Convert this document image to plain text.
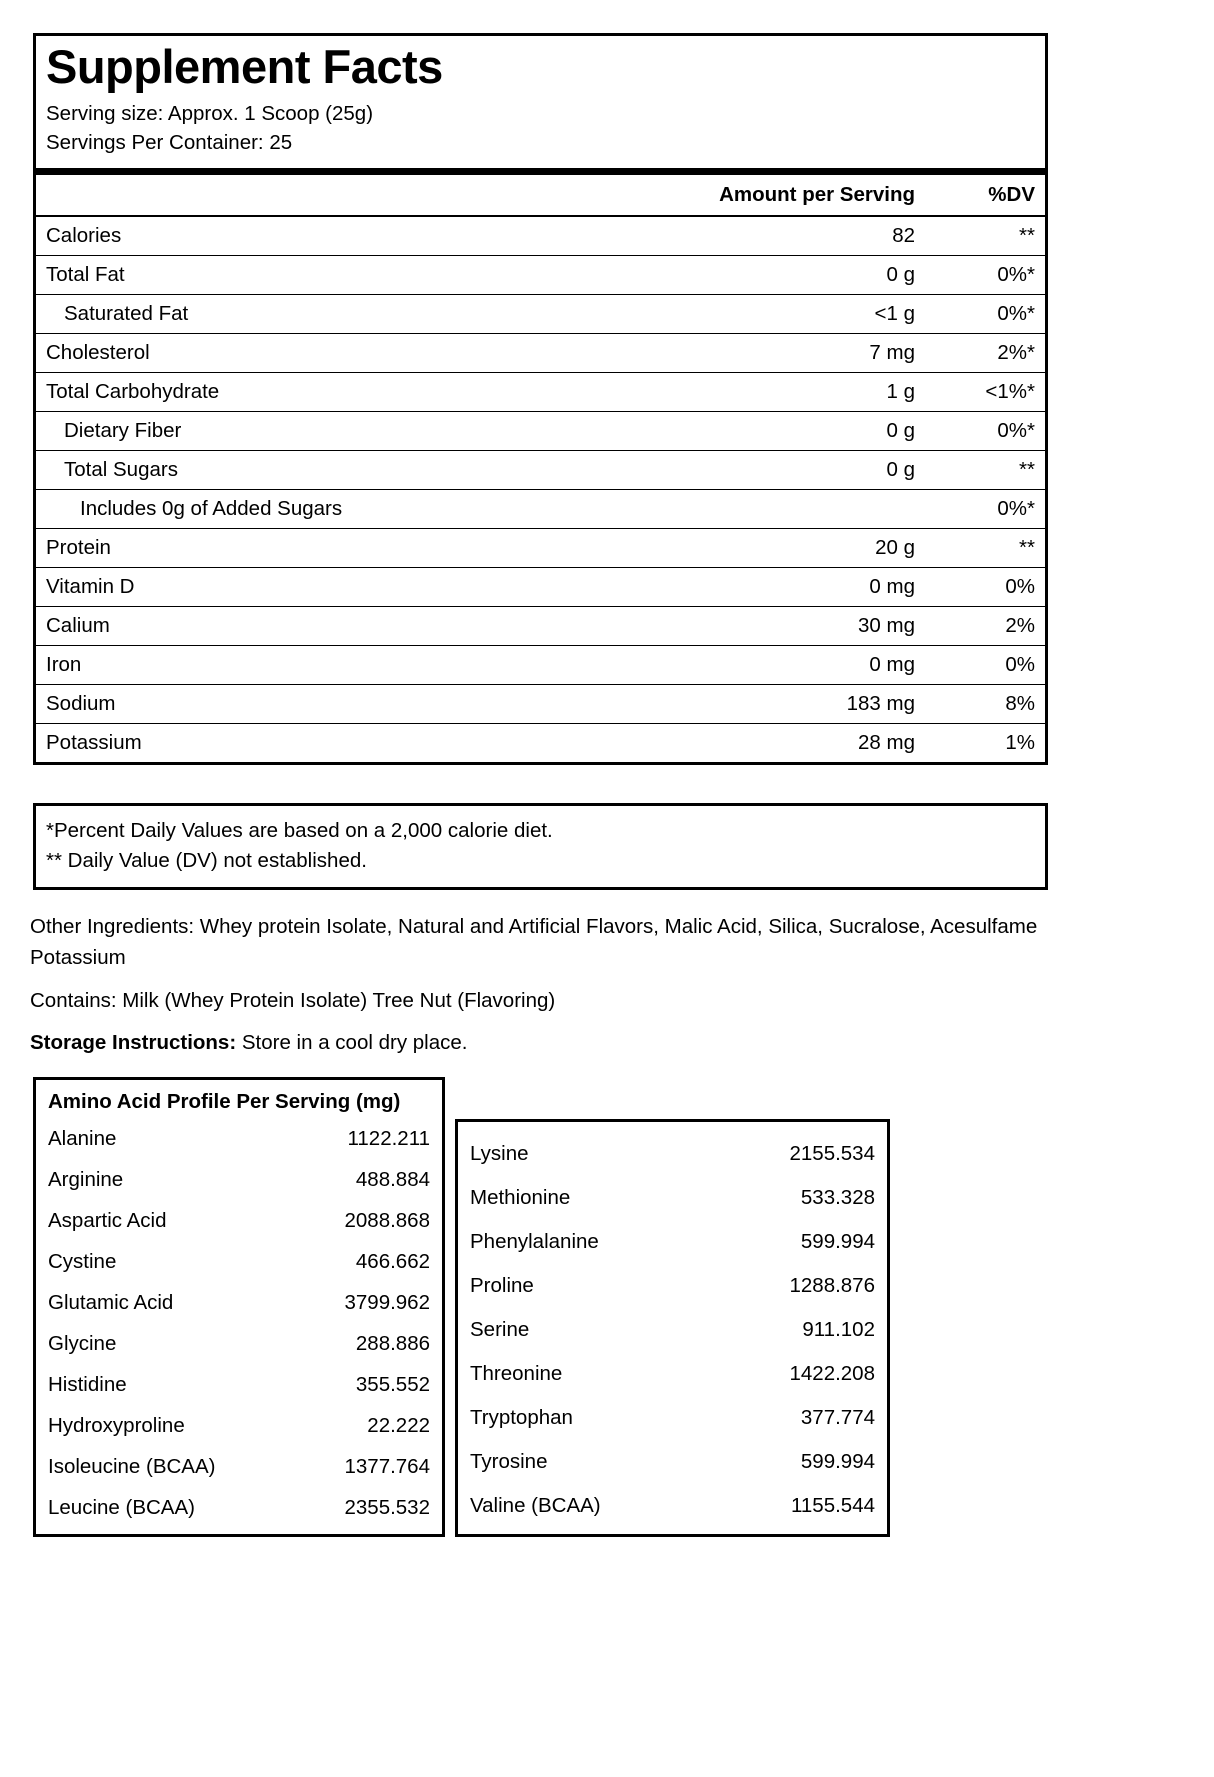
Supplement Facts
Serving size: Approx. 1 Scoop (25g)
Servings Per Container: 25
	Amount per Serving	%DV
Calories	82	**
Total Fat	0 g	0%*
Saturated Fat	<1 g	0%*
Cholesterol	7 mg	2%*
Total Carbohydrate	1 g	<1%*
Dietary Fiber	0 g	0%*
Total Sugars	0 g	**
Includes 0g of Added Sugars		0%*
Protein	20 g	**
Vitamin D	0 mg	0%
Calium	30 mg	2%
Iron	0 mg	0%
Sodium	183 mg	8%
Potassium	28 mg	1%
*Percent Daily Values are based on a 2,000 calorie diet.
** Daily Value (DV) not established.

Other Ingredients: Whey protein Isolate, Natural and Artificial Flavors, Malic Acid, Silica, Sucralose, Acesulfame Potassium

Contains: Milk (Whey Protein Isolate) Tree Nut (Flavoring)

Storage Instructions: Store in a cool dry place.

Amino Acid Profile Per Serving (mg)
Alanine	1122.211
Arginine	488.884
Aspartic Acid	2088.868
Cystine	466.662
Glutamic Acid	3799.962
Glycine	288.886
Histidine	355.552
Hydroxyproline	22.222
Isoleucine (BCAA)	1377.764
Leucine (BCAA)	2355.532
Lysine	2155.534
Methionine	533.328
Phenylalanine	599.994
Proline	1288.876
Serine	911.102
Threonine	1422.208
Tryptophan	377.774
Tyrosine	599.994
Valine (BCAA)	1155.544
